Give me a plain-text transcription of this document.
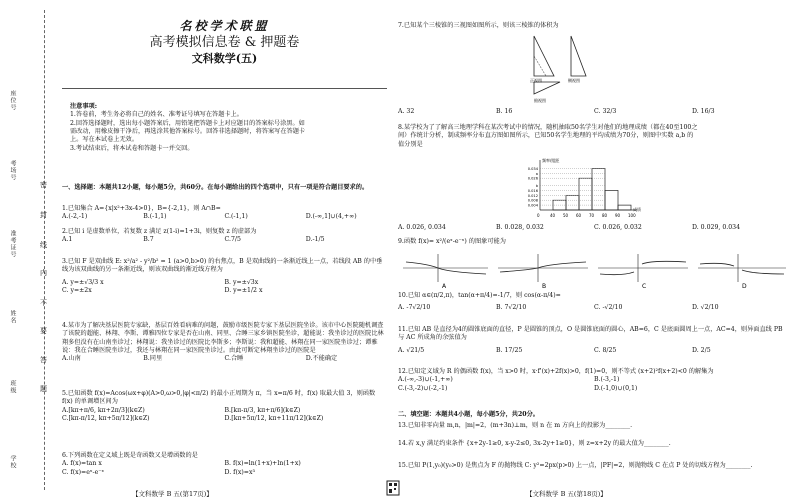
座位号
考场号
准考证号
姓名
班级
学校
密
封
线
内
不
要
答
题
名校学术联盟
高考模拟信息卷 & 押题卷
文科数学(五)
注意事项:
1.答卷前，考生务必将自己的姓名、准考证号填写在答题卡上。
2.回答选择题时，选出每小题答案后，用铅笔把答题卡上对应题目的答案标号涂黑。如需改动，用橡皮擦干净后，再选涂其他答案标号。回答非选择题时，将答案写在答题卡上。写在本试卷上无效。
3.考试结束后，将本试卷和答题卡一并交回。
一、选择题：本题共12小题，每小题5分，共60分。在每小题给出的四个选项中，只有一项是符合题目要求的。
1.已知集合 A={x|x²+3x-4>0}，B={-2,1}，则 A∩B=
A.(-2,-1)	B.(-1,1)	C.(-1,1)	D.(-∞,1]∪(4,+∞)
2.已知 i 是虚数单位，若复数 z 满足 z(1-i)=1+3i，则复数 z 的虚部为
A.1	B.7	C.7/5	D.-1/5
3.已知 F 是双曲线 E: x²/a² - y²/b² = 1 (a>0,b>0) 的右焦点，B 是双曲线的一条渐近线上一点，若线段 AB 的中垂线为该双曲线的另一条渐近线，则该双曲线的渐近线方程为
A. y=±√3/3 x	B. y=±√3x
C. y=±2x	D. y=±1/2 x
4.某市为了解决基层医院专家缺，基层百姓看病难的问题，鼓励市级医院专家下基层医院坐诊。该市中心医院随机调查了该院的超能、林翔、李斯、谭雅四位专家是否在山南、同里、合睡三家乡镇医院坐诊，超能说：我坐诊过的医院比林翔多但没有在山南坐诊过；林翔说：我坐诊过的医院比李斯多；李斯说：我和超能、林翔在同一家医院坐诊过；谭雅说：我在合睡医院坐诊过，我还与林翔在同一家医院坐诊过。由此可断定林翔坐诊过的医院是
A.山南	B.同里	C.合睡	D.不能确定
5.已知函数 f(x)=Acos(ωx+φ)(A>0,ω>0,|φ|<π/2) 的最小正周期为 π，当 x=π/6 时，f(x) 取最大值 3，则函数 f(x) 的单调增区间为
A.[kπ+π/6, kπ+2π/3](k∈Z)	B.[kπ-π/3, kπ+π/6](k∈Z)
C.[kπ-π/12, kπ+5π/12](k∈Z)	D.[kπ+5π/12, kπ+11π/12](k∈Z)
6.下列函数在定义域上既是奇函数又是增函数的是
A. f(x)=tan x	B. f(x)=ln(1+x)+ln(1+x)
C. f(x)=eˣ-e⁻ˣ	D. f(x)=x³
【文科数学 B 五(第17页)】
7.已知某个三棱锥的三视图如图所示，则该三棱锥的体积为
正视图	侧视图
俯视图
A. 32	B. 16	C. 32/3	D. 16/3
8.某学校为了了解高三地理学科在某次考试中的情况，随机抽取50名学生对他们的地理成绩（都在40至100之间）作统计分析，制成频率分布直方图如图所示，已知50名学生地理的平均成绩为70分，则图中实数 a,b 的值分别是
0	40 50 60 70 80 90 100
0.034
a
0.026
b
0.016
0.012
0.008
0.004
成绩
频率/组距
A. 0.026, 0.034	B. 0.028, 0.032	C. 0.026, 0.032	D. 0.029, 0.034
9.函数 f(x)= x²/(eˣ-e⁻ˣ) 的图象可能为
A	B	C	D
10.已知 α∈(π/2,π)，tan(α+π/4)=-1/7，则 cos(α-π/4)=
A. -7√2/10	B. 7√2/10	C. -√2/10	D. √2/10
11.已知 AB 是直径为4的圆锥底面的直径，P 是圆锥的顶点，O 是圆锥底面的圆心，AB=6，C 是底面圆周上一点，AC=4，则异面直线 PB 与 AC 所成角的余弦值为
A. √21/5	B. 17/25	C. 8/25	D. 2/5
12.已知定义域为 R 的偶函数 f(x)，当 x>0 时，x·f'(x)+2f(x)>0，f(1)=0，则不等式 (x+2)²f(x+2)<0 的解集为
A.(-∞,-3)∪(-1,+∞)	B.(-3,-1)
C.(-3,-2)∪(-2,-1)	D.(-1,0)∪(0,1)
二、填空题：本题共4小题，每小题5分，共20分。
13.已知非零向量 m,n，|m|=2，(m+3n)⊥m，则 n 在 m 方向上的投影为________.
14.若 x,y 满足约束条件 {x+2y-1≥0, x-y-2≤0, 3x-2y+1≥0}，则 z=x+2y 的最大值为________.
15.已知 P(1,y₀)(y₀>0) 是焦点为 F 的抛物线 C: y²=2px(p>0) 上一点，|PF|=2，则抛物线 C 在点 P 处的切线方程为________.
【文科数学 B 五(第18页)】
